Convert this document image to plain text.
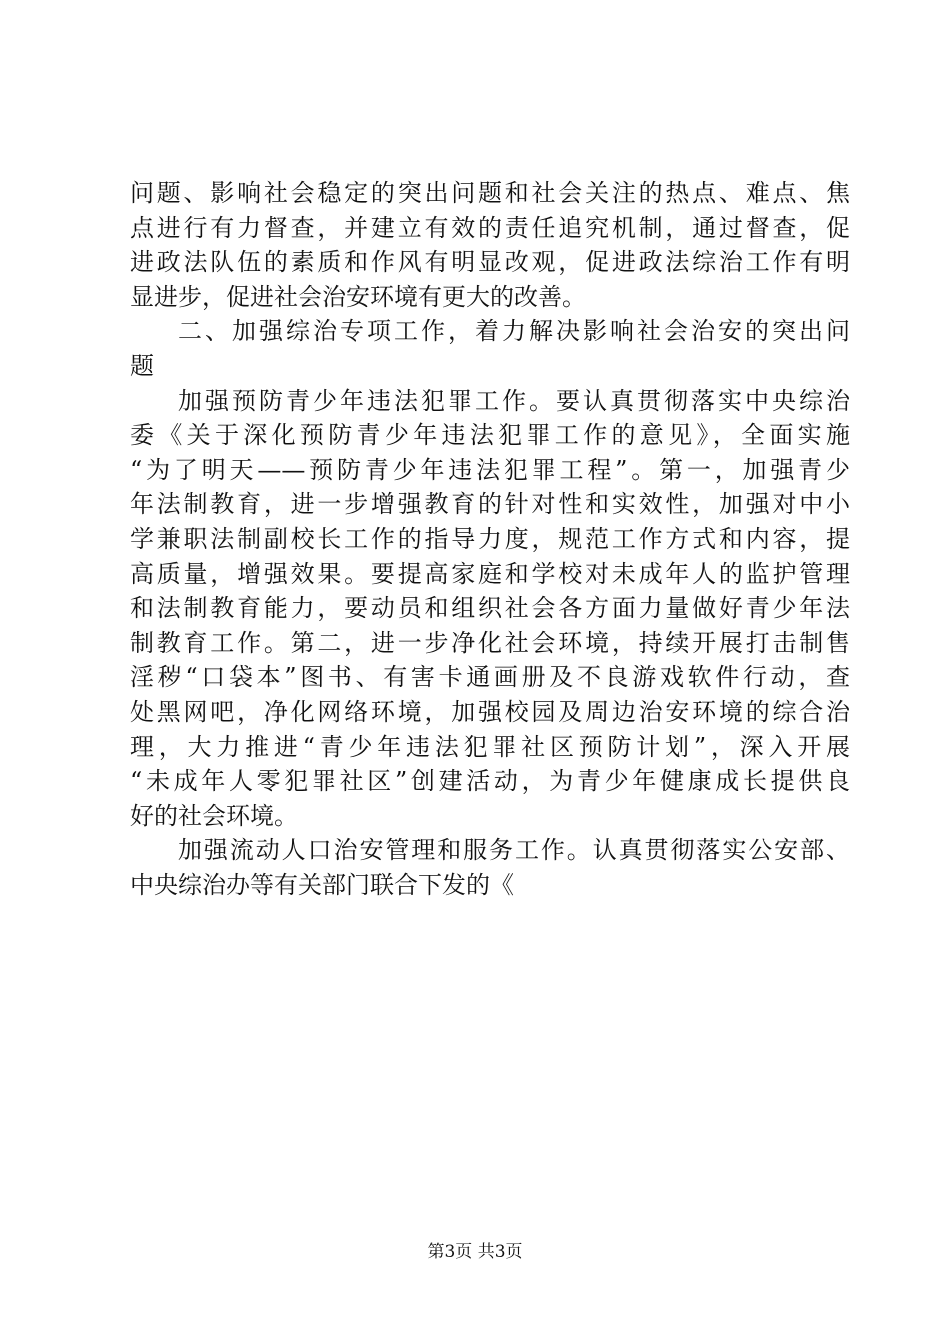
问题、影响社会稳定的突出问题和社会关注的热点、难点、焦
点进行有力督查，并建立有效的责任追究机制，通过督查，促
进政法队伍的素质和作风有明显改观，促进政法综治工作有明
显进步，促进社会治安环境有更大的改善。
二、加强综治专项工作，着力解决影响社会治安的突出问
题
加强预防青少年违法犯罪工作。要认真贯彻落实中央综治
委《关于深化预防青少年违法犯罪工作的意见》，全面实施
“为了明天——预防青少年违法犯罪工程”。第一，加强青少
年法制教育，进一步增强教育的针对性和实效性，加强对中小
学兼职法制副校长工作的指导力度，规范工作方式和内容，提
高质量，增强效果。要提高家庭和学校对未成年人的监护管理
和法制教育能力，要动员和组织社会各方面力量做好青少年法
制教育工作。第二，进一步净化社会环境，持续开展打击制售
淫秽“口袋本”图书、有害卡通画册及不良游戏软件行动，查
处黑网吧，净化网络环境，加强校园及周边治安环境的综合治
理，大力推进“青少年违法犯罪社区预防计划”，深入开展
“未成年人零犯罪社区”创建活动，为青少年健康成长提供良
好的社会环境。
加强流动人口治安管理和服务工作。认真贯彻落实公安部、
中央综治办等有关部门联合下发的《
第3页 共3页
